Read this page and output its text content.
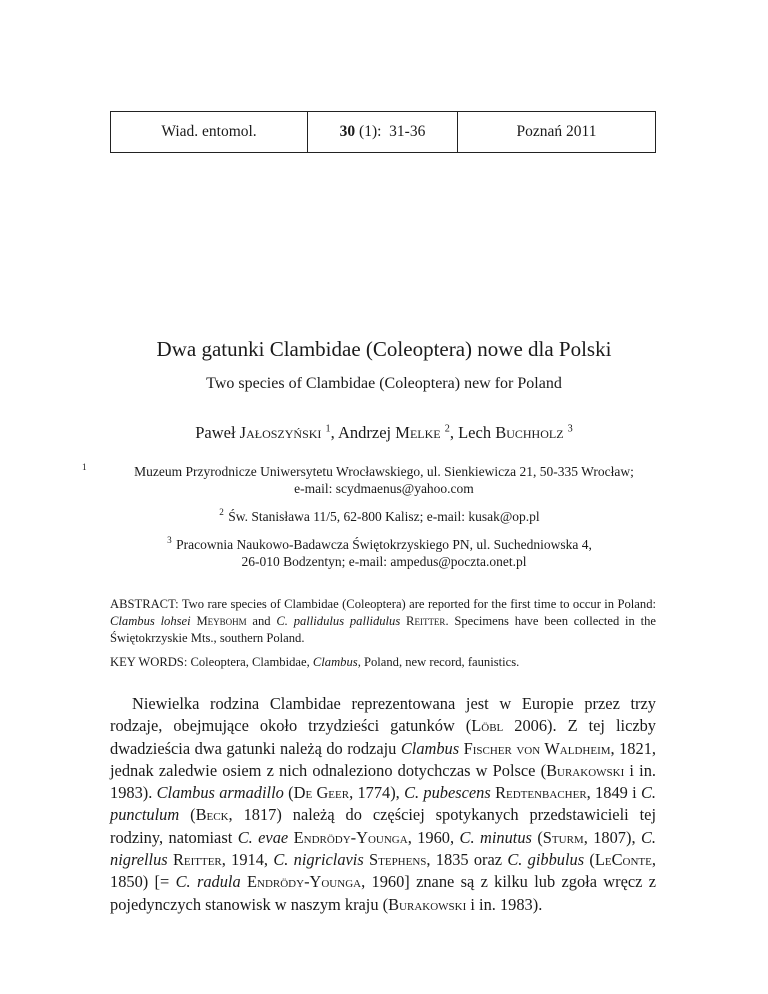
Wiad. entomol.	30 (1):  31-36	Poznań 2011
Dwa gatunki Clambidae (Coleoptera) nowe dla Polski
Two species of Clambidae (Coleoptera) new for Poland
Paweł Jałoszyński $^1$, Andrzej Melke $^2$, Lech Buchholz $^3$
1	Muzeum Przyrodnicze Uniwersytetu Wrocławskiego, ul. Sienkiewicza 21, 50-335 Wrocław;
e-mail: scydmaenus@yahoo.com
2 Św. Stanisława 11/5, 62-800 Kalisz; e-mail: kusak@op.pl
3 Pracownia Naukowo-Badawcza Świętokrzyskiego PN, ul. Suchedniowska 4,
26-010 Bodzentyn; e-mail: ampedus@poczta.onet.pl
ABSTRACT: Two rare species of Clambidae (Coleoptera) are reported for the first time to occur in Poland: Clambus lohsei Meybohm and C. pallidulus pallidulus Reitter. Specimens have been collected in the Świętokrzyskie Mts., southern Poland.
KEY WORDS: Coleoptera, Clambidae, Clambus, Poland, new record, faunistics.
Niewielka rodzina Clambidae reprezentowana jest w Europie przez trzy rodzaje, obejmujące około trzydzieści gatunków (Löbl 2006). Z tej liczby dwadzieścia dwa gatunki należą do rodzaju Clambus Fischer von Waldheim, 1821, jednak zaledwie osiem z nich odnaleziono dotychczas w Polsce (Burakowski i in. 1983). Clambus armadillo (De Geer, 1774), C. pubescens Redtenbacher, 1849 i C. punctulum (Beck, 1817) należą do częściej spotykanych przedstawicieli tej rodziny, natomiast C. evae Endrödy-Younga, 1960, C. minutus (Sturm, 1807), C. nigrellus Reitter, 1914, C. nigriclavis Stephens, 1835 oraz C. gibbulus (LeConte, 1850) [= C. radula Endrödy-Younga, 1960] znane są z kilku lub zgoła wręcz z pojedynczych stanowisk w naszym kraju (Burakowski i in. 1983).
